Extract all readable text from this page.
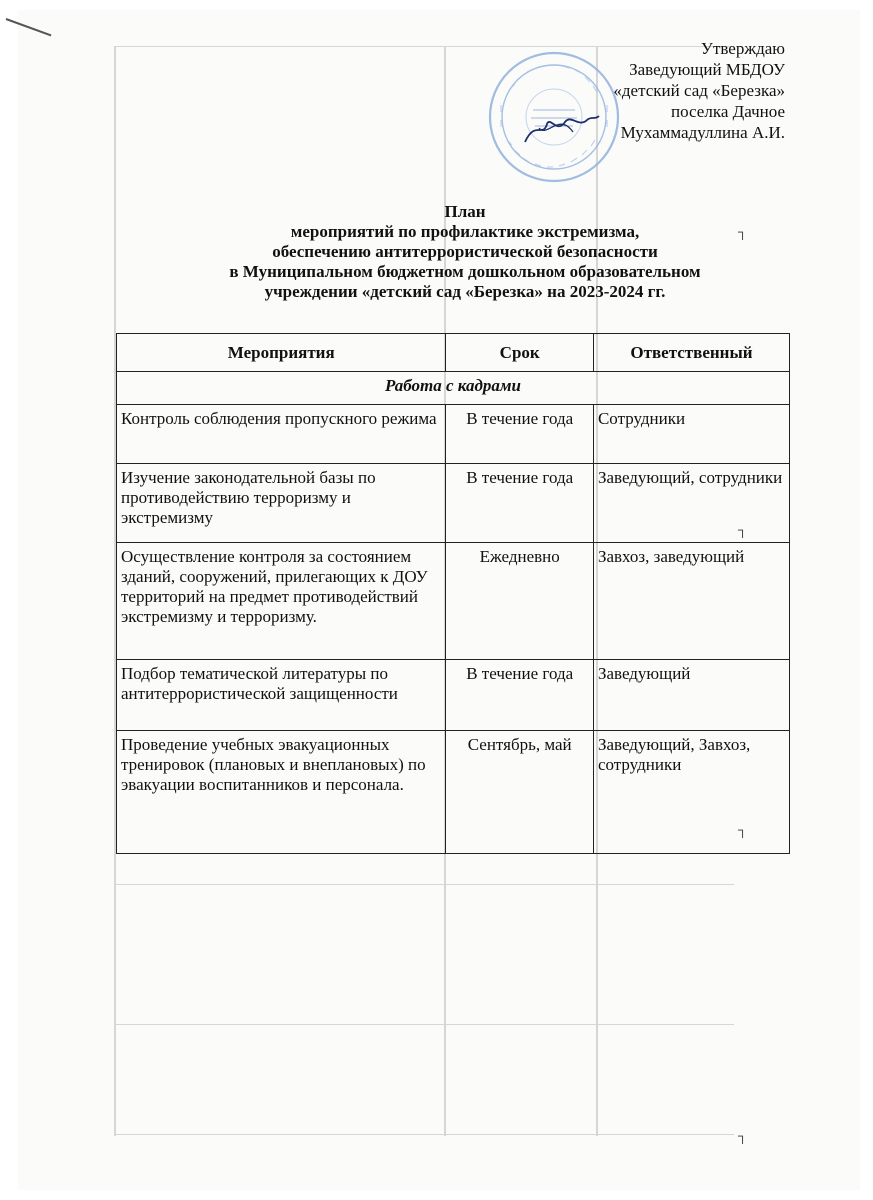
Утверждаю
Заведующий МБДОУ
«детский сад «Березка»
поселка Дачное
Мухаммадуллина А.И.
План
мероприятий по профилактике экстремизма,
обеспечению антитеррористической безопасности
в Муниципальном бюджетном дошкольном образовательном
учреждении «детский сад «Березка» на 2023-2024 гг.
Мероприятия	Срок	Ответственный
Работа с кадрами		
Контроль соблюдения пропускного режима	В течение года	Сотрудники
Изучение законодательной базы по противодействию терроризму и экстремизму	В течение года	Заведующий, сотрудники
Осуществление контроля за состоянием зданий, сооружений, прилегающих к ДОУ территорий на предмет противодействий экстремизму и терроризму.	Ежедневно	Завхоз, заведующий
Подбор тематической литературы по антитеррористической защищенности	В течение года	Заведующий
Проведение учебных эвакуационных тренировок (плановых и внеплановых) по эвакуации воспитанников и персонала.	Сентябрь, май	Заведующий, Завхоз, сотрудники
┐
┐
┐
┐
